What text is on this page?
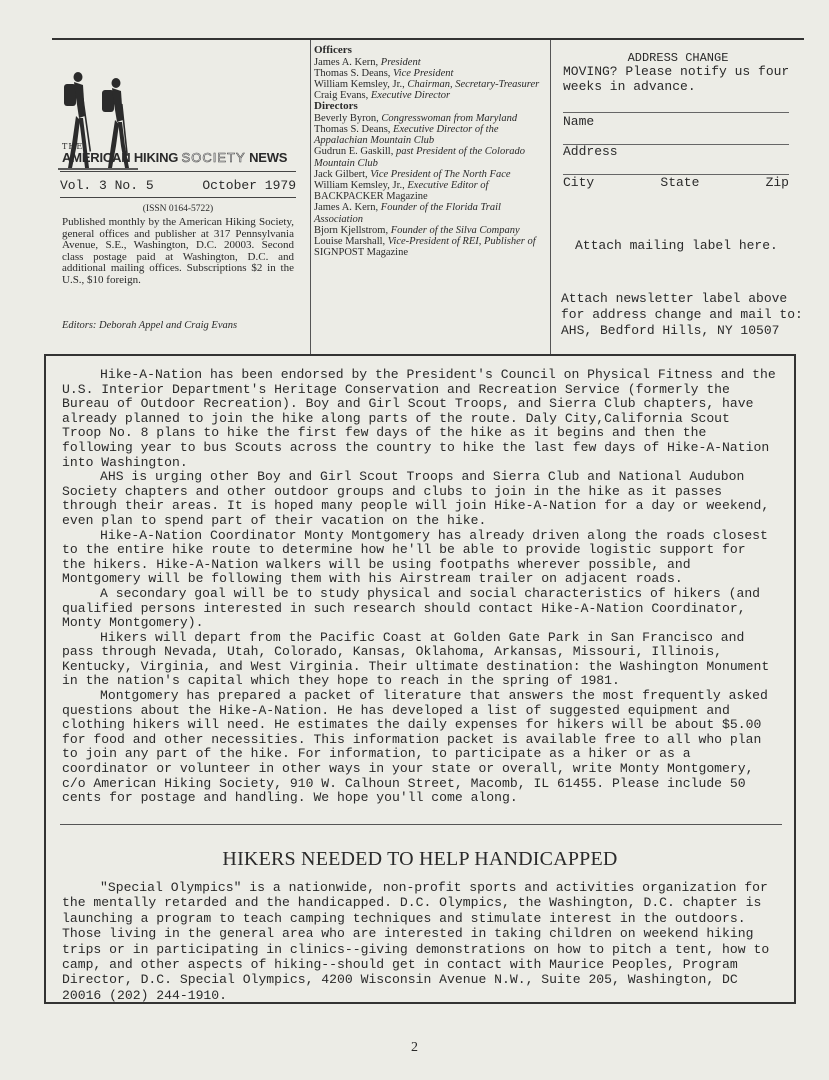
THE
AMERICAN HIKING SOCIETY NEWS
Vol. 3 No. 5	October 1979
(ISSN 0164-5722)
Published monthly by the American Hiking Society, general offices and publisher at 317 Pennsylvania Avenue, S.E., Washington, D.C. 20003. Second class postage paid at Washington, D.C. and additional mailing offices. Subscriptions $2 in the U.S., $10 foreign.
Editors: Deborah Appel and Craig Evans
Officers
James A. Kern, President
Thomas S. Deans, Vice President
William Kemsley, Jr., Chairman, Secretary-Treasurer
Craig Evans, Executive Director
Directors
Beverly Byron, Congresswoman from Maryland
Thomas S. Deans, Executive Director of the Appalachian Mountain Club
Gudrun E. Gaskill, past President of the Colorado Mountain Club
Jack Gilbert, Vice President of The North Face
William Kemsley, Jr., Executive Editor of BACKPACKER Magazine
James A. Kern, Founder of the Florida Trail Association
Bjorn Kjellstrom, Founder of the Silva Company
Louise Marshall, Vice-President of REI, Publisher of SIGNPOST Magazine
ADDRESS CHANGE
MOVING? Please notify us four weeks in advance.
Name
Address
City	State	Zip
Attach mailing label here.
Attach newsletter label above
for address change and mail to:
AHS, Bedford Hills, NY 10507

Hike-A-Nation has been endorsed by the President's Council on Physical Fitness and the U.S. Interior Department's Heritage Conservation and Recreation Service (formerly the Bureau of Outdoor Recreation). Boy and Girl Scout Troops, and Sierra Club chapters, have already planned to join the hike along parts of the route. Daly City,California Scout Troop No. 8 plans to hike the first few days of the hike as it begins and then the following year to bus Scouts across the country to hike the last few days of Hike-A-Nation into Washington.

AHS is urging other Boy and Girl Scout Troops and Sierra Club and National Audubon Society chapters and other outdoor groups and clubs to join in the hike as it passes through their areas. It is hoped many people will join Hike-A-Nation for a day or weekend, even plan to spend part of their vacation on the hike.

Hike-A-Nation Coordinator Monty Montgomery has already driven along the roads closest to the entire hike route to determine how he'll be able to provide logistic support for the hikers. Hike-A-Nation walkers will be using footpaths wherever possible, and Montgomery will be following them with his Airstream trailer on adjacent roads.

A secondary goal will be to study physical and social characteristics of hikers (and qualified persons interested in such research should contact Hike-A-Nation Coordinator, Monty Montgomery).

Hikers will depart from the Pacific Coast at Golden Gate Park in San Francisco and pass through Nevada, Utah, Colorado, Kansas, Oklahoma, Arkansas, Missouri, Illinois, Kentucky, Virginia, and West Virginia. Their ultimate destination: the Washington Monument in the nation's capital which they hope to reach in the spring of 1981.

Montgomery has prepared a packet of literature that answers the most frequently asked questions about the Hike-A-Nation. He has developed a list of suggested equipment and clothing hikers will need. He estimates the daily expenses for hikers will be about $5.00 for food and other necessities. This information packet is available free to all who plan to join any part of the hike. For information, to participate as a hiker or as a coordinator or volunteer in other ways in your state or overall, write Monty Montgomery, c/o American Hiking Society, 910 W. Calhoun Street, Macomb, IL 61455. Please include 50 cents for postage and handling. We hope you'll come along.

HIKERS NEEDED TO HELP HANDICAPPED

"Special Olympics" is a nationwide, non-profit sports and activities organization for the mentally retarded and the handicapped. D.C. Olympics, the Washington, D.C. chapter is launching a program to teach camping techniques and stimulate interest in the outdoors. Those living in the general area who are interested in taking children on weekend hiking trips or in participating in clinics--giving demonstrations on how to pitch a tent, how to camp, and other aspects of hiking--should get in contact with Maurice Peoples, Program Director, D.C. Special Olympics, 4200 Wisconsin Avenue N.W., Suite 205, Washington, DC 20016 (202) 244-1910.

2
